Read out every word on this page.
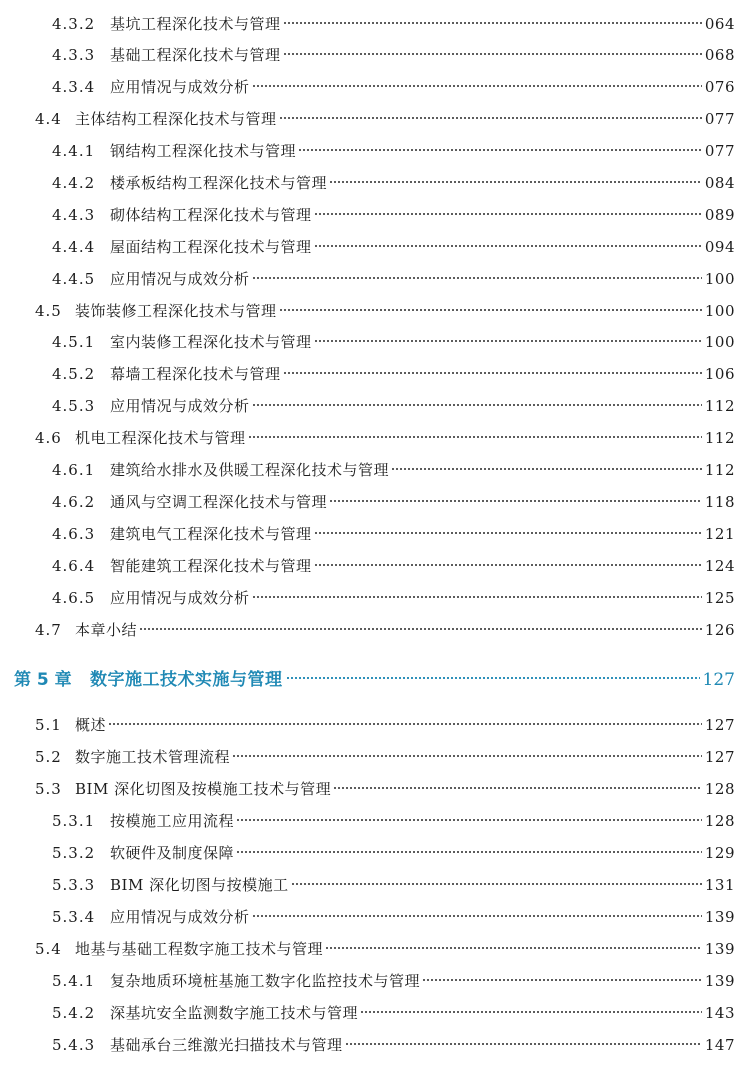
4.3.2 基坑工程深化技术与管理	064
4.3.3 基础工程深化技术与管理	068
4.3.4 应用情况与成效分析	076
4.4 主体结构工程深化技术与管理	077
4.4.1 钢结构工程深化技术与管理	077
4.4.2 楼承板结构工程深化技术与管理	084
4.4.3 砌体结构工程深化技术与管理	089
4.4.4 屋面结构工程深化技术与管理	094
4.4.5 应用情况与成效分析	100
4.5 装饰装修工程深化技术与管理	100
4.5.1 室内装修工程深化技术与管理	100
4.5.2 幕墙工程深化技术与管理	106
4.5.3 应用情况与成效分析	112
4.6 机电工程深化技术与管理	112
4.6.1 建筑给水排水及供暖工程深化技术与管理	112
4.6.2 通风与空调工程深化技术与管理	118
4.6.3 建筑电气工程深化技术与管理	121
4.6.4 智能建筑工程深化技术与管理	124
4.6.5 应用情况与成效分析	125
4.7 本章小结	126
第 5 章	数字施工技术实施与管理	127
5.1 概述	127
5.2 数字施工技术管理流程	127
5.3 BIM 深化切图及按模施工技术与管理	128
5.3.1 按模施工应用流程	128
5.3.2 软硬件及制度保障	129
5.3.3 BIM 深化切图与按模施工	131
5.3.4 应用情况与成效分析	139
5.4 地基与基础工程数字施工技术与管理	139
5.4.1 复杂地质环境桩基施工数字化监控技术与管理	139
5.4.2 深基坑安全监测数字施工技术与管理	143
5.4.3 基础承台三维激光扫描技术与管理	147
